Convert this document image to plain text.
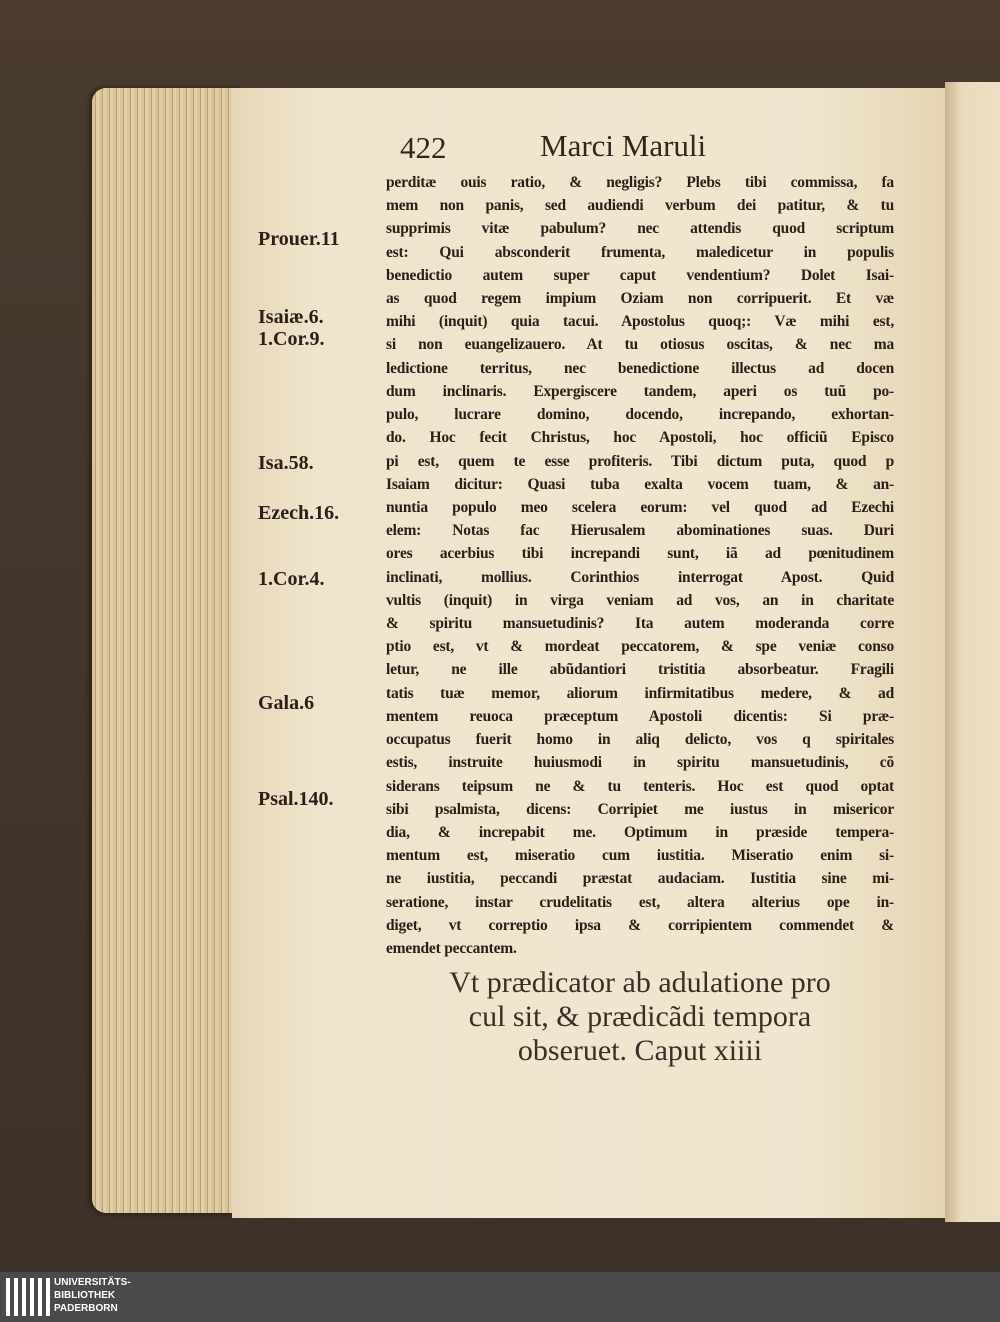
422	Marci Maruli
perditæ ouis ratio, & negligis? Plebs tibi commissa, fa
mem non panis, sed audiendi verbum dei patitur, & tu
supprimis vitæ pabulum? nec attendis quod scriptum
est: Qui absconderit frumenta, maledicetur in populis
benedictio autem super caput vendentium? Dolet Isai-
as quod regem impium Oziam non corripuerit. Et væ
mihi (inquit) quia tacui. Apostolus quoq;: Væ mihi est,
si non euangelizauero. At tu otiosus oscitas, & nec ma
ledictione territus, nec benedictione illectus ad docen
dum inclinaris. Expergiscere tandem, aperi os tuũ po-
pulo, lucrare domino, docendo, increpando, exhortan-
do. Hoc fecit Christus, hoc Apostoli, hoc officiũ Episco
pi est, quem te esse profiteris. Tibi dictum puta, quod p
Isaiam dicitur: Quasi tuba exalta vocem tuam, & an-
nuntia populo meo scelera eorum: vel quod ad Ezechi
elem: Notas fac Hierusalem abominationes suas. Duri
ores acerbius tibi increpandi sunt, iã ad pœnitudinem
inclinati, mollius. Corinthios interrogat Apost. Quid
vultis (inquit) in virga veniam ad vos, an in charitate
& spiritu mansuetudinis? Ita autem moderanda corre
ptio est, vt & mordeat peccatorem, & spe veniæ conso
letur, ne ille abũdantiori tristitia absorbeatur. Fragili
tatis tuæ memor, aliorum infirmitatibus medere, & ad
mentem reuoca præceptum Apostoli dicentis: Si præ-
occupatus fuerit homo in aliq delicto, vos q spiritales
estis, instruite huiusmodi in spiritu mansuetudinis, cõ
siderans teipsum ne & tu tenteris. Hoc est quod optat
sibi psalmista, dicens: Corripiet me iustus in misericor
dia, & increpabit me. Optimum in præside tempera-
mentum est, miseratio cum iustitia. Miseratio enim si-
ne iustitia, peccandi præstat audaciam. Iustitia sine mi-
seratione, instar crudelitatis est, altera alterius ope in-
diget, vt correptio ipsa & corripientem commendet &
emendet peccantem.
Prouer.11
Isaiæ.6.
1.Cor.9.
Isa.58.
Ezech.16.
1.Cor.4.
Gala.6
Psal.140.
Vt prædicator ab adulatione pro
cul sit, & prædicãdi tempora
obseruet. Caput xiiii
UNIVERSITÄTS-
BIBLIOTHEK
PADERBORN
